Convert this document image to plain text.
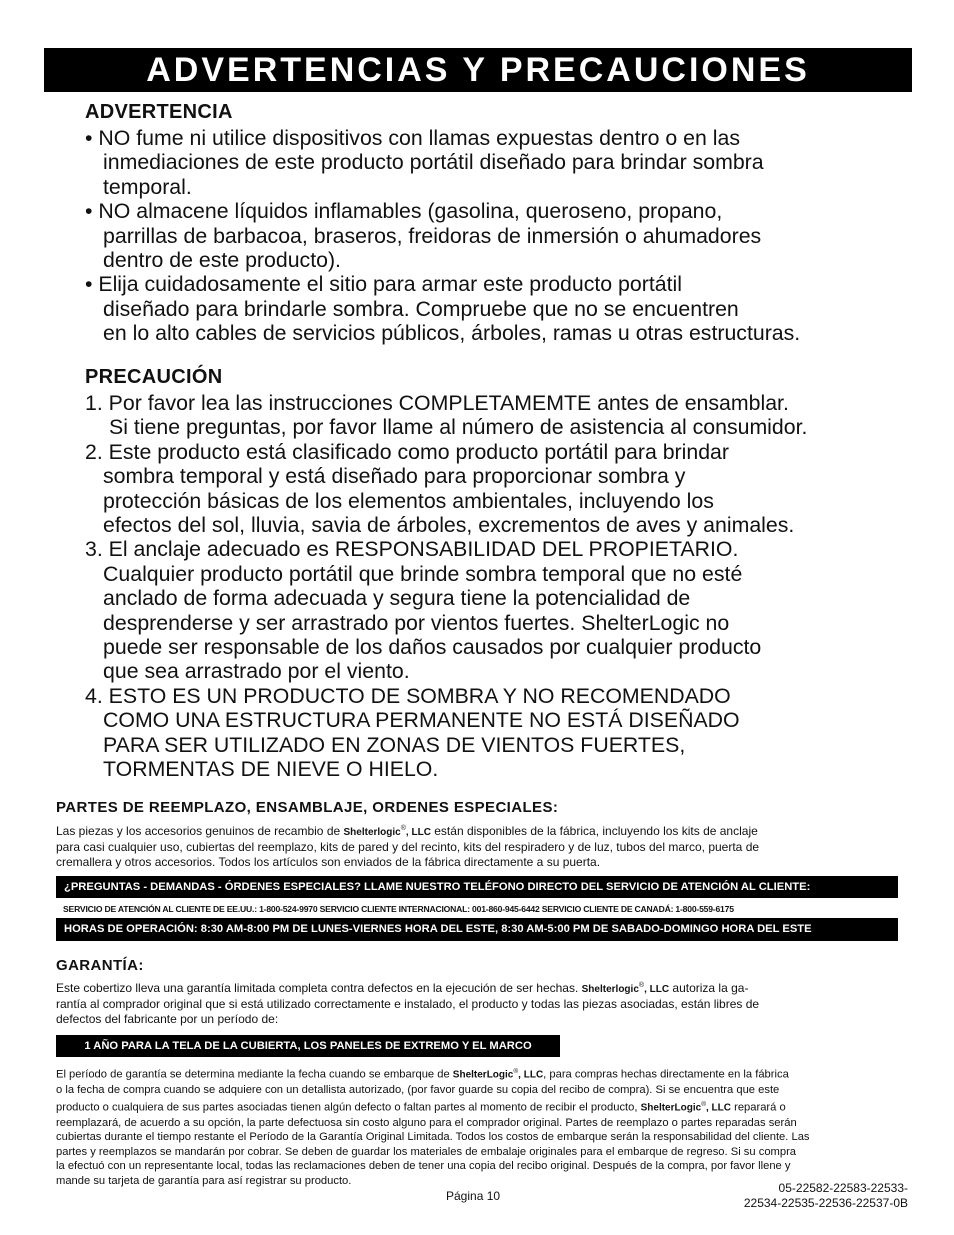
ADVERTENCIAS Y PRECAUCIONES
ADVERTENCIA
• NO fume ni utilice dispositivos con llamas expuestas dentro o en las
inmediaciones de este producto portátil diseñado para brindar sombra
temporal.
• NO almacene líquidos inflamables (gasolina, queroseno, propano,
parrillas de barbacoa, braseros, freidoras de inmersión o ahumadores
dentro de este producto).
• Elija cuidadosamente el sitio para armar este producto portátil
diseñado para brindarle sombra. Compruebe que no se encuentren
en lo alto cables de servicios públicos, árboles, ramas u otras estructuras.
PRECAUCIÓN
1. Por favor lea las instrucciones COMPLETAMEMTE antes de ensamblar.
Si tiene preguntas, por favor llame al número de asistencia al consumidor.
2. Este producto está clasificado como producto portátil para brindar
sombra temporal y está diseñado para proporcionar sombra y
protección básicas de los elementos ambientales, incluyendo los
efectos del sol, lluvia, savia de árboles, excrementos de aves y animales.
3. El anclaje adecuado es RESPONSABILIDAD DEL PROPIETARIO.
Cualquier producto portátil que brinde sombra temporal que no esté
anclado de forma adecuada y segura tiene la potencialidad de
desprenderse y ser arrastrado por vientos fuertes. ShelterLogic no
puede ser responsable de los daños causados por cualquier producto
que sea arrastrado por el viento.
4. ESTO ES UN PRODUCTO DE SOMBRA Y NO RECOMENDADO
COMO UNA ESTRUCTURA PERMANENTE NO ESTÁ DISEÑADO
PARA SER UTILIZADO EN ZONAS DE VIENTOS FUERTES,
TORMENTAS DE NIEVE O HIELO.
PARTES DE REEMPLAZO, ENSAMBLAJE, ORDENES ESPECIALES:
Las piezas y los accesorios genuinos de recambio de Shelterlogic®, LLC están disponibles de la fábrica, incluyendo los kits de anclaje
para casi cualquier uso, cubiertas del reemplazo, kits de pared y del recinto, kits del respiradero y de luz, tubos del marco, puerta de
cremallera y otros accesorios. Todos los artículos son enviados de la fábrica directamente a su puerta.
¿PREGUNTAS - DEMANDAS - ÓRDENES ESPECIALES? LLAME NUESTRO TELÉFONO DIRECTO DEL SERVICIO DE ATENCIÓN AL CLIENTE:
SERVICIO DE ATENCIÓN AL CLIENTE DE EE.UU.: 1-800-524-9970 SERVICIO CLIENTE INTERNACIONAL: 001-860-945-6442 SERVICIO CLIENTE DE CANADÁ: 1-800-559-6175
HORAS DE OPERACIÓN: 8:30 AM-8:00 PM DE LUNES-VIERNES HORA DEL ESTE, 8:30 AM-5:00 PM DE SABADO-DOMINGO HORA DEL ESTE
GARANTÍA:
Este cobertizo lleva una garantía limitada completa contra defectos en la ejecución de ser hechas. Shelterlogic®, LLC autoriza la ga-
rantía al comprador original que si está utilizado correctamente e instalado, el producto y todas las piezas asociadas, están libres de
defectos del fabricante por un período de:
1 AÑO PARA LA TELA DE LA CUBIERTA, LOS PANELES DE EXTREMO Y EL MARCO
El período de garantía se determina mediante la fecha cuando se embarque de ShelterLogic®, LLC, para compras hechas directamente en la fábrica
o la fecha de compra cuando se adquiere con un detallista autorizado, (por favor guarde su copia del recibo de compra). Si se encuentra que este
producto o cualquiera de sus partes asociadas tienen algún defecto o faltan partes al momento de recibir el producto, ShelterLogic®, LLC reparará o
reemplazará, de acuerdo a su opción, la parte defectuosa sin costo alguno para el comprador original. Partes de reemplazo o partes reparadas serán
cubiertas durante el tiempo restante el Período de la Garantía Original Limitada. Todos los costos de embarque serán la responsabilidad del cliente. Las
partes y reemplazos se mandarán por cobrar. Se deben de guardar los materiales de embalaje originales para el embarque de regreso. Si su compra
la efectuó con un representante local, todas las reclamaciones deben de tener una copia del recibo original. Después de la compra, por favor llene y
mande su tarjeta de garantía para así registrar su producto.
Página 10
05-22582-22583-22533-
22534-22535-22536-22537-0B
